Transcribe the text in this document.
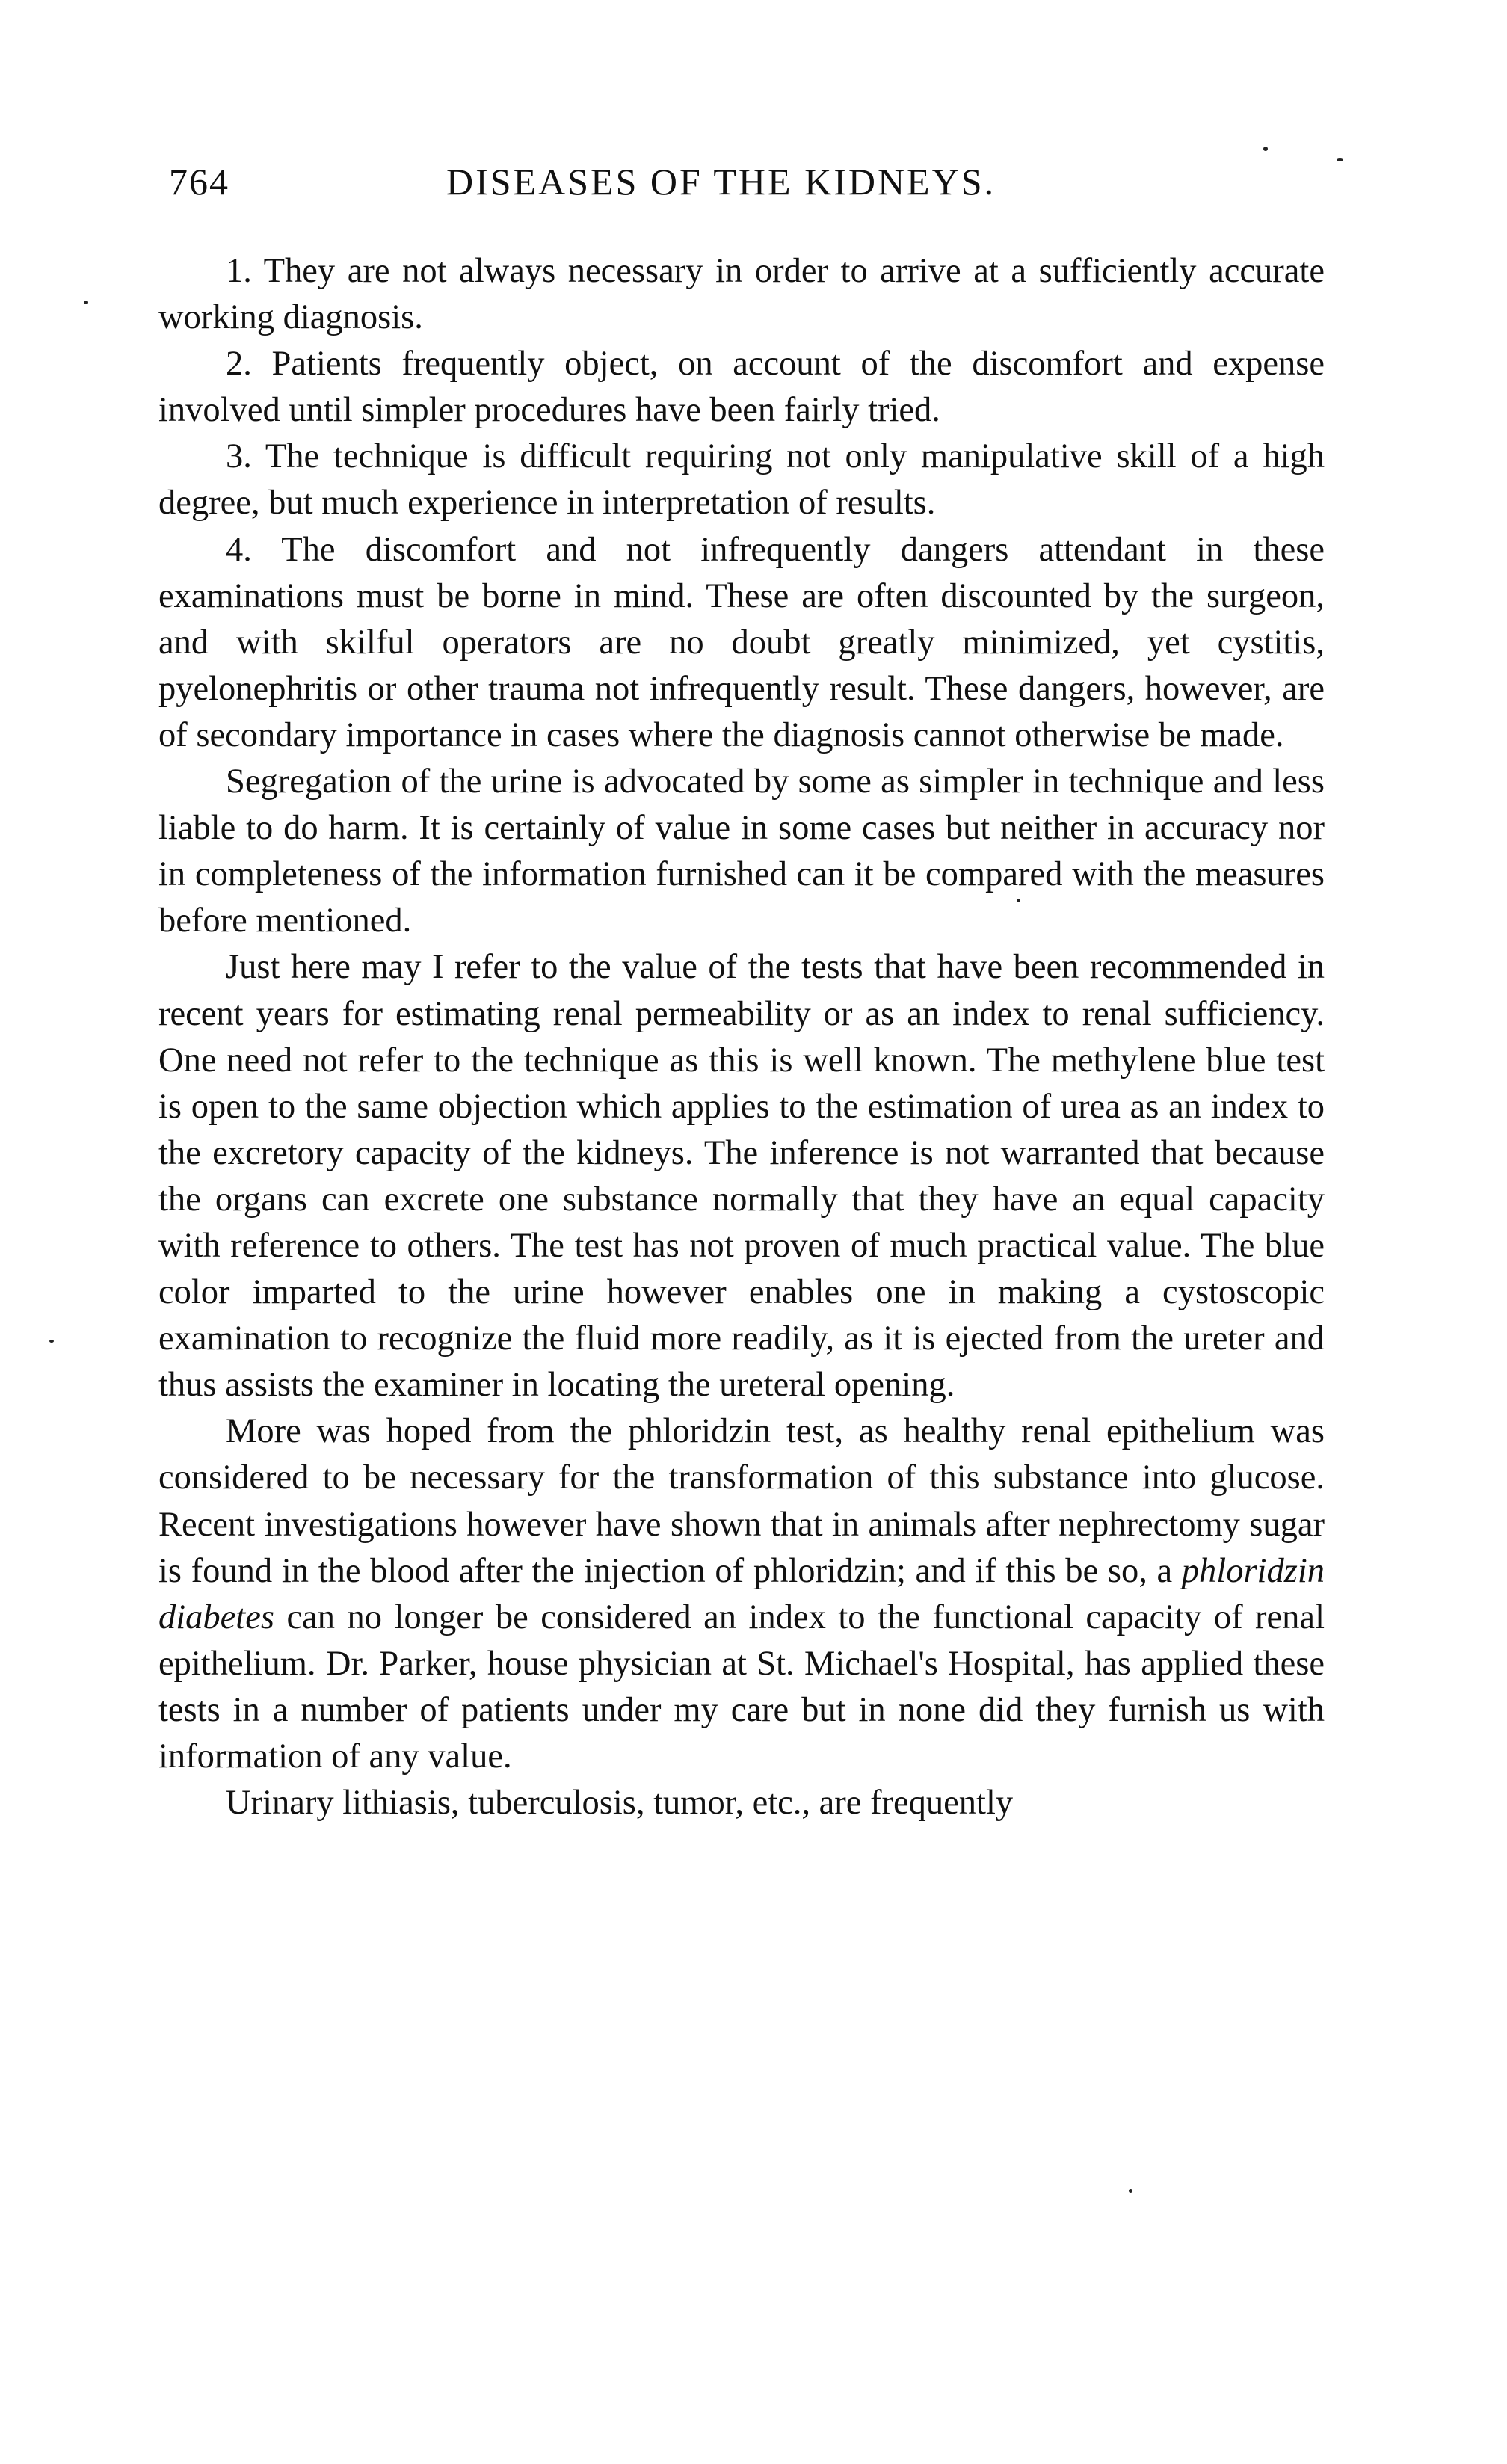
764	DISEASES OF THE KIDNEYS.

1. They are not always necessary in order to arrive at a sufficiently accurate working diagnosis.

2. Patients frequently object, on account of the discomfort and expense involved until simpler procedures have been fairly tried.

3. The technique is difficult requiring not only manipulative skill of a high degree, but much experience in interpretation of results.

4. The discomfort and not infrequently dangers attendant in these examinations must be borne in mind. These are often discounted by the surgeon, and with skilful operators are no doubt greatly minimized, yet cystitis, pyelonephritis or other trauma not infrequently result. These dangers, however, are of secondary importance in cases where the diagnosis cannot otherwise be made.

Segregation of the urine is advocated by some as simpler in technique and less liable to do harm. It is certainly of value in some cases but neither in accuracy nor in completeness of the information furnished can it be compared with the measures before mentioned.

Just here may I refer to the value of the tests that have been recommended in recent years for estimating renal permeability or as an index to renal sufficiency. One need not refer to the technique as this is well known. The methylene blue test is open to the same objection which applies to the estimation of urea as an index to the excretory capacity of the kidneys. The inference is not warranted that because the organs can excrete one substance normally that they have an equal capacity with reference to others. The test has not proven of much practical value. The blue color imparted to the urine however enables one in making a cystoscopic examination to recognize the fluid more readily, as it is ejected from the ureter and thus assists the examiner in locating the ureteral opening.

More was hoped from the phloridzin test, as healthy renal epithelium was considered to be necessary for the transformation of this substance into glucose. Recent investigations however have shown that in animals after nephrectomy sugar is found in the blood after the injection of phloridzin; and if this be so, a phloridzin diabetes can no longer be considered an index to the functional capacity of renal epithelium. Dr. Parker, house physician at St. Michael's Hospital, has applied these tests in a number of patients under my care but in none did they furnish us with information of any value.

Urinary lithiasis, tuberculosis, tumor, etc., are frequently
